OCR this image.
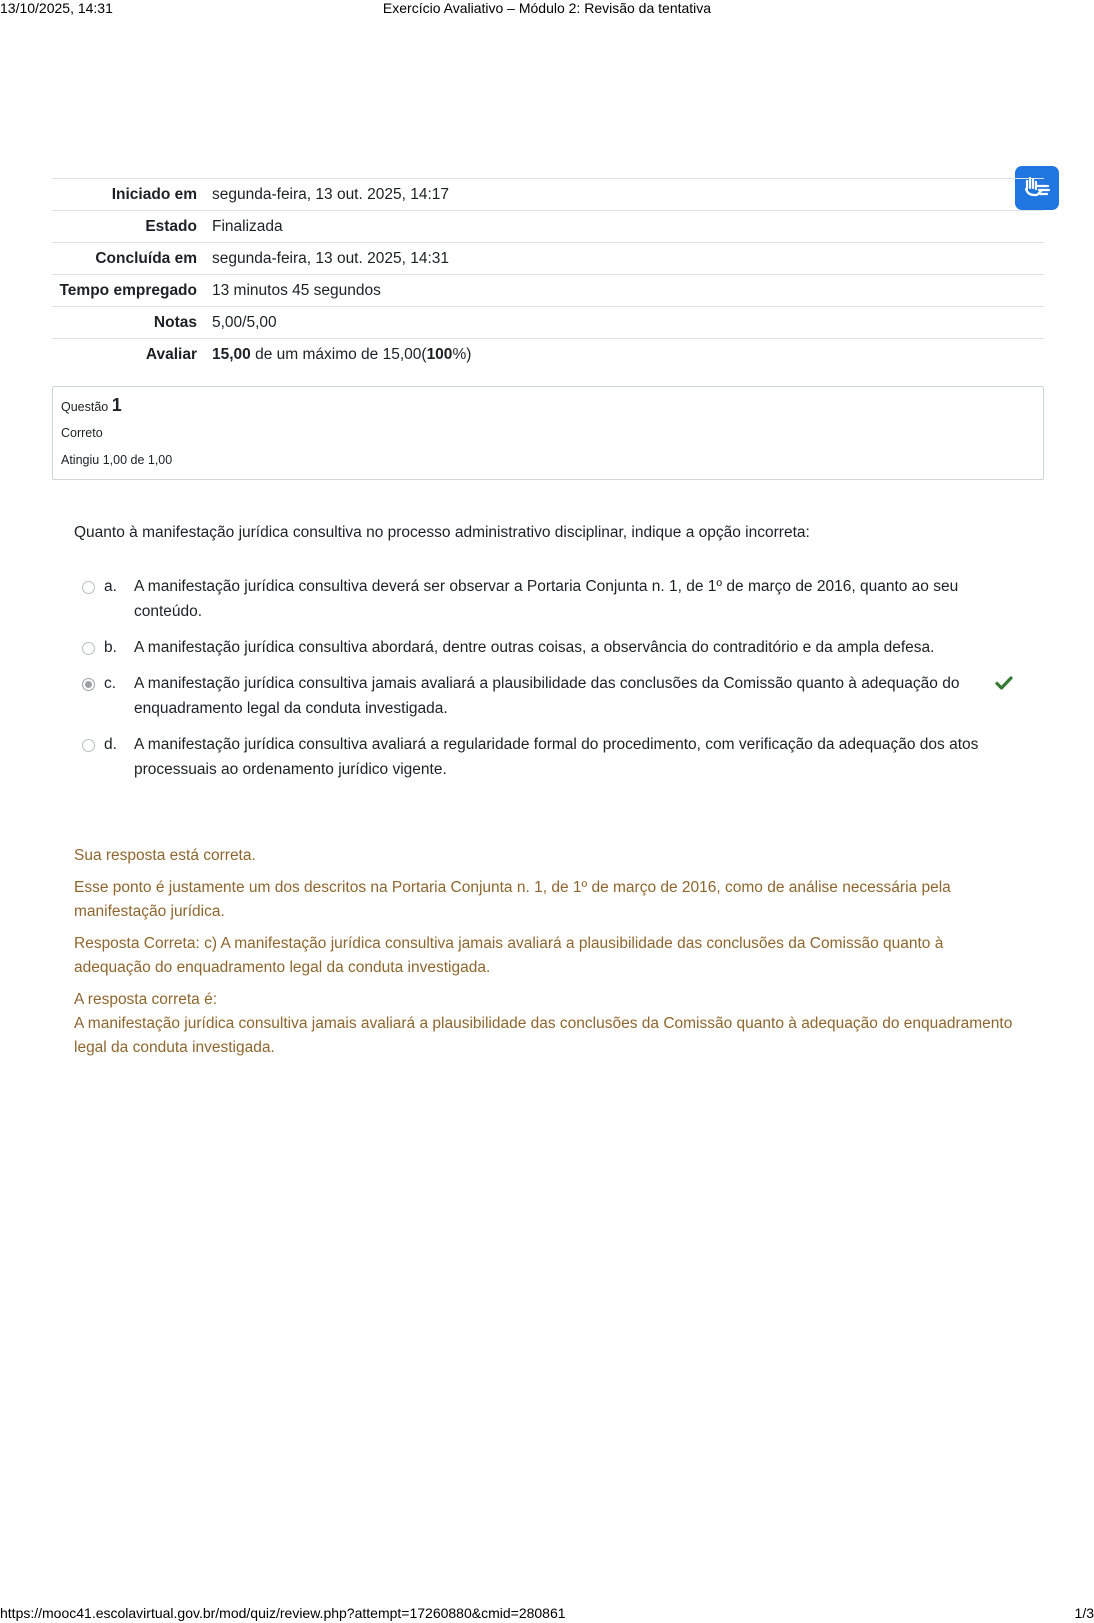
13/10/2025, 14:31	Exercício Avaliativo – Módulo 2: Revisão da tentativa
Iniciado em	segunda-feira, 13 out. 2025, 14:17
Estado	Finalizada
Concluída em	segunda-feira, 13 out. 2025, 14:31
Tempo empregado	13 minutos 45 segundos
Notas	5,00/5,00
Avaliar	15,00 de um máximo de 15,00(100%)
Questão 1
Correto
Atingiu 1,00 de 1,00
Quanto à manifestação jurídica consultiva no processo administrativo disciplinar, indique a opção incorreta:
a.	A manifestação jurídica consultiva deverá ser observar a Portaria Conjunta n. 1, de 1º de março de 2016, quanto ao seu conteúdo.
b.	A manifestação jurídica consultiva abordará, dentre outras coisas, a observância do contraditório e da ampla defesa.
c.	A manifestação jurídica consultiva jamais avaliará a plausibilidade das conclusões da Comissão quanto à adequação do enquadramento legal da conduta investigada.
d.	A manifestação jurídica consultiva avaliará a regularidade formal do procedimento, com verificação da adequação dos atos processuais ao ordenamento jurídico vigente.

Sua resposta está correta.

Esse ponto é justamente um dos descritos na Portaria Conjunta n. 1, de 1º de março de 2016, como de análise necessária pela manifestação jurídica.

Resposta Correta: c) A manifestação jurídica consultiva jamais avaliará a plausibilidade das conclusões da Comissão quanto à adequação do enquadramento legal da conduta investigada.

A resposta correta é:
A manifestação jurídica consultiva jamais avaliará a plausibilidade das conclusões da Comissão quanto à adequação do enquadramento legal da conduta investigada.
https://mooc41.escolavirtual.gov.br/mod/quiz/review.php?attempt=17260880&cmid=280861	1/3
